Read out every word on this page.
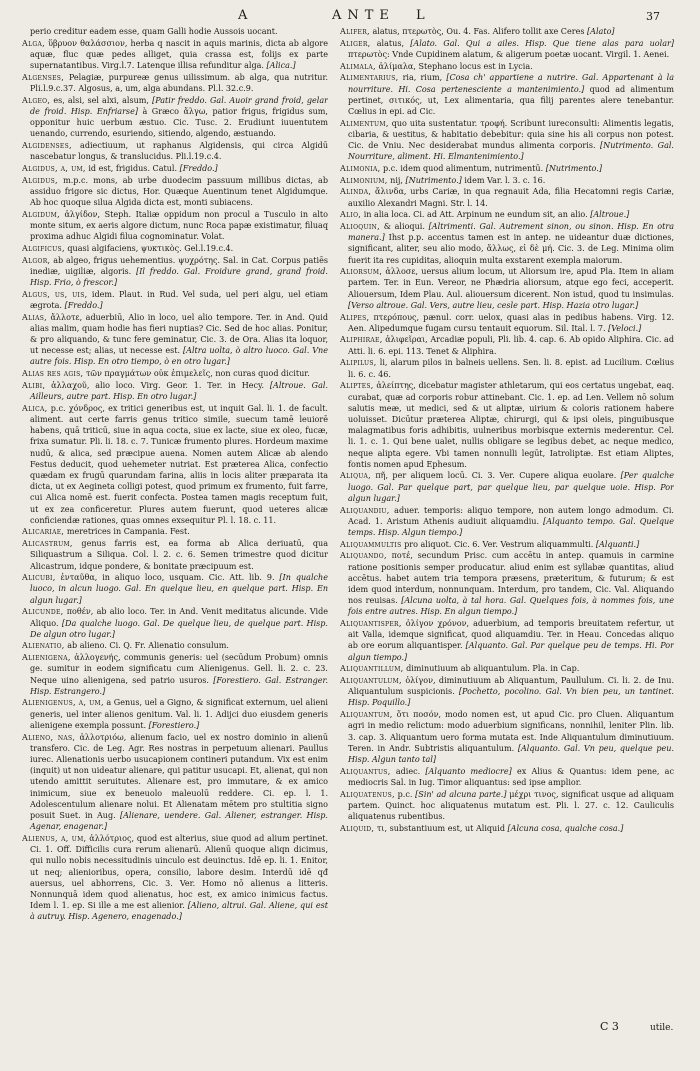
A	ANTE L	37
perio creditur eadem esse, quam Galli hodie Aussois uocant.
Alga, ὕβρυον θαλάσσιον, herba q nascit in aquis marinis, dicta ab algore aquæ, fluc quæ pedes alliget, quia crassa est, folijs ex parte supernatantibus. Virg.l.7. Latenque illisa refunditur alga. [Alica.]
Algenses, Pelagiæ, purpureæ genus uilissimum. ab alga, qua nutritur. Pli.l.9.c.37. Algosus, a, um, alga abundans. Pl.l. 32.c.9.
Algeo, es, alsi, sel alxi, alsum, [Patir freddo. Gal. Auoir grand froid, gelar de froid. Hisp. Enfriarse] à Græco ἄλγω, patior frigus, frigidus sum, opponitur huic uerbum æstuo. Cic. Tusc. 2. Erudiunt iuuentutem uenando, currendo, esuriendo, sitiendo, algendo, æstuando.
Algidenses, adiectiuum, ut raphanus Algidensis, qui circa Algidū nascebatur longus, & translucidus. Pli.l.19.c.4.
Algidus, a, um, id est, frigidus. Catul. [Freddo.]
Algidus, m.p.c. mons, ab urbe duodecim passuum millibus dictas, ab assiduo frigore sic dictus, Hor. Quæque Auentinum tenet Algidumque. Ab hoc quoque silua Algida dicta est, monti subiacens.
Algidum, ἀλγίδον, Steph. Italiæ oppidum non procul a Tusculo in alto monte situm, ex aeris algore dictum, nunc Roca papæ existimatur, filuaq proxima adhuc Algidi filua cognominatur. Volat.
Algificus, quasi algifaciens, ψυκτικὸς. Gel.l.19.c.4.
Algor, ab algeo, frigus uehementius. ψυχρότης. Sal. in Cat. Corpus patiēs inediæ, uigiliæ, algoris. [Il freddo. Gal. Froidure grand, grand froid. Hisp. Frio, ò frescor.]
Algus, us, uis, idem. Plaut. in Rud. Vel suda, uel peri algu, uel etiam ægrota. [Freddo.]
Alias, ἄλλοτε, aduerbiū, Alio in loco, uel alio tempore. Ter. in And. Quid alias malim, quam hodie has fieri nuptias? Cic. Sed de hoc alias. Ponitur, & pro aliquando, & tunc fere geminatur, Cic. 3. de Ora. Alias ita loquor, ut necesse est; alias, ut necesse est. [Altra uolta, ò altro luoco. Gal. Vne autre fois. Hisp. En otro tiempo, ò en otro lugar.]
Alias res agis, τῶν πραγμάτων οὐκ ἐπιμελεῖς, non curas quod dicitur.
Alibi, ἀλλαχοῦ, alio loco. Virg. Geor. 1. Ter. in Hecy. [Altroue. Gal. Ailleurs, autre part. Hisp. En otro lugar.]
Alica, p.c. χόνδρος, ex tritici generibus est, ut inquit Gal. li. 1. de facult. aliment. aut certe farris genus tritico simile, suecum tamē leuiorē habens, quā triticū, siue in aqua cocta, siue ex lacte, siue ex oleo, fucæ, frixa sumatur. Pli. li. 18. c. 7. Tunicæ frumento plures. Hordeum maxime nudū, & alica, sed præcipue auena. Nomen autem Alicæ ab alendo Festus deducit, quod uehemeter nutriat. Est præterea Alica, confectio quædam ex frugū quarundam farina, aliis in locis aliter præparata ita dicta, ut ex Aegineta colligi potest, quod primum ex frumento, fuit farre, cui Alica nomē est. fuerit confecta. Postea tamen magis receptum fuit, ut ex zea conficeretur. Plures autem fuerunt, quod ueteres alicæ conficiendæ rationes, quas omnes exsequitur Pl. l. 18. c. 11.
Alicariae, meretrices in Campania. Fest.
Alicastrum, genus farris est, ea forma ab Alica deriuatū, qua Siliquastrum a Siliqua. Col. l. 2. c. 6. Semen trimestre quod dicitur Alicastrum, idque pondere, & bonitate præcipuum est.
Alicubi, ἐνταῦθα, in aliquo loco, usquam. Cic. Att. lib. 9. [In qualche luoco, in alcun luogo. Gal. En quelque lieu, en quelque part. Hisp. En algun lugar.]
Alicunde, ποθέν, ab alio loco. Ter. in And. Venit meditatus alicunde. Vide Aliquo. [Da qualche luogo. Gal. De quelque lieu, de quelque part. Hisp. De algun otro lugar.]
Alienatio, ab alieno. Ci. Q. Fr. Alienatio consulum.
Alienigena, ἀλλογενής, communis generis: uel (secūdum Probum) omnis ge. sumitur in eodem significatu cum Alienigenus. Gell. li. 2. c. 23. Neque uino alienigena, sed patrio usuros. [Forestiero. Gal. Estranger. Hisp. Estrangero.]
Alienigenus, a, um, a Genus, uel a Gigno, & significat externum, uel alieni generis, uel inter alienos genitum. Val. li. 1. Adijci duo eiusdem generis alienigene exempla possunt. [Forestiero.]
Alieno, nas, ἀλλοτριόω, alienum facio, uel ex nostro dominio in alienū transfero. Cic. de Leg. Agr. Res nostras in perpetuum alienari. Paullus iurec. Alienationis uerbo usucapionem contineri putandum. Vix est enim (inquit) ut non uideatur alienare, qui patitur usucapi. Et, alienat, qui non utendo amittit seruitutes. Alienare est, pro immutare, & ex amico inimicum, siue ex beneuolo maleuolū reddere. Ci. ep. l. 1. Adolescentulum alienare nolui. Et Alienatam mētem pro stultitia signo posuit Suet. in Aug. [Alienare, uendere. Gal. Aliener, estranger. Hisp. Agenar, enagenar.]
Alienus, a, um, ἀλλότριος, quod est alterius, siue quod ad alium pertinet. Ci. 1. Off. Difficilis cura rerum alienarū. Alienū quoque aliqn dicimus, qui nullo nobis necessitudinis uinculo est deuinctus. Idē ep. li. 1. Enitor, ut neq; alienioribus, opera, consilio, labore desim. Interdū idē qđ auersus, uel abhorrens, Cic. 3. Ver. Homo nō alienus a litteris. Nonnunquā idem quod alienatus, hoc est, ex amico inimicus factus. Idem l. 1. ep. Si ille a me est alienior. [Alieno, altrui. Gal. Aliene, qui est à autruy. Hisp. Agenero, enagenado.]
Alifer, alatus, πτερωτὸς, Ou. 4. Fas. Alifero tollit axe Ceres [Alato]
Aliger, alatus, [Alato. Gal. Qui a ailes. Hisp. Que tiene alas para uolar] πτερωτὸς: Vnde Cupidinem alatum, & aligerum poetæ uocant. Virgil. 1. Aenei.
Alimala, ἀλίμαλα, Stephano locus est in Lycia.
Alimentarius, ria, rium, [Cosa ch' appartiene a nutrire. Gal. Appartenant à la nourriture. Hi. Cosa pertenesciente a mantenimiento.] quod ad alimentum pertinet, σιτικός, ut, Lex alimentaria, qua filij parentes alere tenebantur. Cœlius in epi. ad Cic.
Alimentum, quo uita sustentatur. τροφή. Scribunt iureconsulti: Alimentis legatis, cibaria, & uestitus, & habitatio debebitur: quia sine his ali corpus non potest. Cic. de Vniu. Nec desiderabat mundus alimenta corporis. [Nutrimento. Gal. Nourriture, aliment. Hi. Elmantenimiento.]
Alimonia, p.c. idem quod alimentum, nutrimentū. [Nutrimento.]
Alimonium, nij, [Nutrimento.] idem Var. l. 3. c. 16.
Alinda, ἄλινδα, urbs Cariæ, in qua regnauit Ada, filia Hecatomni regis Cariæ, auxilio Alexandri Magni. Str. l. 14.
Alio, in alia loca. Ci. ad Att. Arpinum ne eundum sit, an alio. [Altroue.]
Alioquin, & alioqui. [Altrimenti. Gal. Autrement sinon, ou sinon. Hisp. En otra manera.] Ihst p.p. accentus tamen est in antep. ne uideantur duæ dictiones, significant, aliter, seu alio modo, ἄλλως, εἰ δὲ μή. Cic. 3. de Leg. Minima olim fuerit ita res cupiditas, alioquin multa exstarent exempla maiorum.
Aliorsum, ἀλλοσε, uersus alium locum, ut Aliorsum ire, apud Pla. Item in aliam partem. Ter. in Eun. Vereor, ne Phædria aliorsum, atque ego feci, acceperit. Aliouersum, Idem Plau. Aul. aliouersum dicerent. Non istud, quod tu insimulas. [Verso altroue. Gal. Vers, autre lieu, cesle part. Hisp. Hazia otro lugar.]
Alipes, πτερόπους, pænul. corr. uelox, quasi alas in pedibus habens. Virg. 12. Aen. Alipedumque fugam cursu tentauit equorum. Sil. Ital. l. 7. [Veloci.]
Aliphirae, ἀλιφεῖραι, Arcadiæ populi, Pli. lib. 4. cap. 6. Ab opido Aliphira. Cic. ad Atti. li. 6. epi. 113. Tenet & Aliphira.
Alipilus, li, alarum pilos in balneis uellens. Sen. li. 8. epist. ad Lucilium. Cœlius li. 6. c. 46.
Aliptes, ἀλείπτης, dicebatur magister athletarum, qui eos certatus ungebat, eaq. curabat, quæ ad corporis robur attinebant. Cic. 1. ep. ad Len. Vellem nō solum salutis meæ, ut medici, sed & ut aliptæ, uirium & coloris rationem habere uoluisset. Dicūtur præterea Aliptæ, chirurgi, qui & ipsi oleis, pinguibusque malagmatibus foris adhibitis, uulneribus morbisque externis mederentur. Cel. li. 1. c. 1. Qui bene ualet, nullis obligare se legibus debet, ac neque medico, neque alipta egere. Vbi tamen nonnulli legūt, Iatroliptæ. Est etiam Aliptes, fontis nomen apud Ephesum.
Aliqua, πῆ, per aliquem locū. Ci. 3. Ver. Cupere aliqua euolare. [Per qualche luogo. Gal. Par quelque part, par quelque lieu, par quelque uoie. Hisp. Por algun lugar.]
Aliquandiu, aduer. temporis: aliquo tempore, non autem longo admodum. Ci. Acad. 1. Aristum Athenis audiuit aliquamdiu. [Alquanto tempo. Gal. Quelque temps. Hisp. Algun tiempo.]
Aliquammultis pro aliquot. Cic. 6. Ver. Vestrum aliquammulti. [Alquanti.]
Aliquando, ποτέ, secundum Prisc. cum accētu in antep. quamuis in carmine ratione positionis semper producatur. aliud enim est syllabæ quantitas, aliud accētus. habet autem tria tempora præsens, præteritum, & futurum; & est idem quod interdum, nonnunquam. Interdum, pro tandem, Cic. Val. Aliquando nos reuisas. [Alcuna uolta, à tal hora. Gal. Quelques fois, à nommes fois, une fois entre autres. Hisp. En algun tiempo.]
Aliquantisper, ὀλίγον χρόνον, aduerbium, ad temporis breuitatem refertur, ut ait Valla, idemque significat, quod aliquamdiu. Ter. in Heau. Concedas aliquo ab ore eorum aliquantisper. [Alquanto. Gal. Par quelque peu de temps. Hi. Por algun tiempo.]
Aliquantillum, diminutiuum ab aliquantulum. Pla. in Cap.
Aliquantulum, ὀλίγον, diminutiuum ab Aliquantum, Paullulum. Ci. li. 2. de Inu. Aliquantulum suspicionis. [Pochetto, pocolino. Gal. Vn bien peu, un tantinet. Hisp. Poquillo.]
Aliquantum, ὅτι ποσόν, modo nomen est, ut apud Cic. pro Cluen. Aliquantum agri in medio relictum: modo aduerbium significans, nonnihil, leniter Plin. lib. 3. cap. 3. Aliquantum uero forma mutata est. Inde Aliquantulum diminutiuum. Teren. in Andr. Subtristis aliquantulum. [Alquanto. Gal. Vn peu, quelque peu. Hisp. Algun tanto tal]
Aliquantus, adiec. [Alquanto mediocre] ex Alius & Quantus: idem pene, ac mediocris Sal. in Iug. Timor aliquantus: sed ipse amplior.
Aliquatenus, p.c. [Sin' ad alcuna parte.] μέχρι τινος, significat usque ad aliquam partem. Quinct. hoc aliquatenus mutatum est. Pli. l. 27. c. 12. Cauliculis aliquatenus rubentibus.
Aliquid, τι, substantiuum est, ut Aliquid [Alcuna cosa, qualche cosa.]
C 3	utile.
